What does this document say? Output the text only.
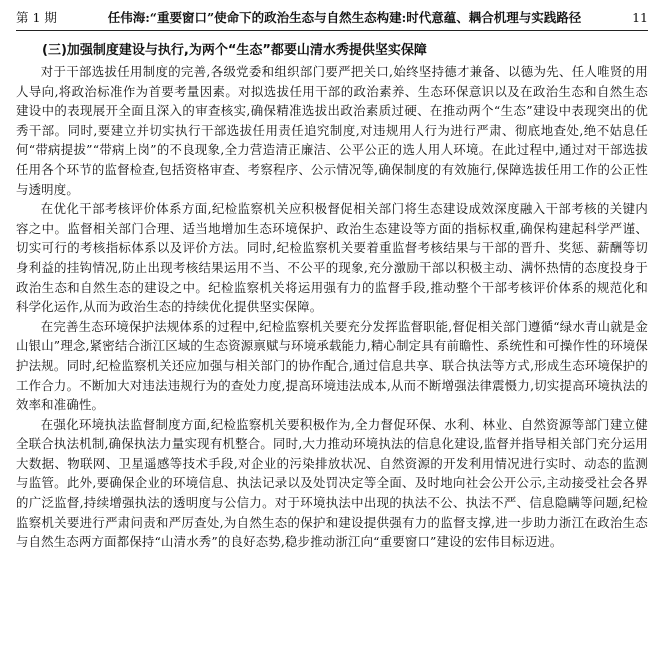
第 1 期	任伟海:“重要窗口”使命下的政治生态与自然生态构建:时代意蕴、耦合机理与实践路径	11

(三)加强制度建设与执行,为两个“生态”都要山清水秀提供坚实保障

对于干部选拔任用制度的完善,各级党委和组织部门要严把关口,始终坚持德才兼备、以德为先、任人唯贤的用人导向,将政治标准作为首要考量因素。对拟选拔任用干部的政治素养、生态环保意识以及在政治生态和自然生态建设中的表现展开全面且深入的审查核实,确保精准选拔出政治素质过硬、在推动两个“生态”建设中表现突出的优秀干部。同时,要建立并切实执行干部选拔任用责任追究制度,对违规用人行为进行严肃、彻底地查处,绝不姑息任何“带病提拔”“带病上岗”的不良现象,全力营造清正廉洁、公平公正的选人用人环境。在此过程中,通过对干部选拔任用各个环节的监督检查,包括资格审查、考察程序、公示情况等,确保制度的有效施行,保障选拔任用工作的公正性与透明度。

在优化干部考核评价体系方面,纪检监察机关应积极督促相关部门将生态建设成效深度融入干部考核的关键内容之中。监督相关部门合理、适当地增加生态环境保护、政治生态建设等方面的指标权重,确保构建起科学严谨、切实可行的考核指标体系以及评价方法。同时,纪检监察机关要着重监督考核结果与干部的晋升、奖惩、薪酬等切身利益的挂钩情况,防止出现考核结果运用不当、不公平的现象,充分激励干部以积极主动、满怀热情的态度投身于政治生态和自然生态的建设之中。纪检监察机关将运用强有力的监督手段,推动整个干部考核评价体系的规范化和科学化运作,从而为政治生态的持续优化提供坚实保障。

在完善生态环境保护法规体系的过程中,纪检监察机关要充分发挥监督职能,督促相关部门遵循“绿水青山就是金山银山”理念,紧密结合浙江区域的生态资源禀赋与环境承载能力,精心制定具有前瞻性、系统性和可操作性的环境保护法规。同时,纪检监察机关还应加强与相关部门的协作配合,通过信息共享、联合执法等方式,形成生态环境保护的工作合力。不断加大对违法违规行为的查处力度,提高环境违法成本,从而不断增强法律震慑力,切实提高环境执法的效率和准确性。

在强化环境执法监督制度方面,纪检监察机关要积极作为,全力督促环保、水利、林业、自然资源等部门建立健全联合执法机制,确保执法力量实现有机整合。同时,大力推动环境执法的信息化建设,监督并指导相关部门充分运用大数据、物联网、卫星遥感等技术手段,对企业的污染排放状况、自然资源的开发利用情况进行实时、动态的监测与监管。此外,要确保企业的环境信息、执法记录以及处罚决定等全面、及时地向社会公开公示,主动接受社会各界的广泛监督,持续增强执法的透明度与公信力。对于环境执法中出现的执法不公、执法不严、信息隐瞒等问题,纪检监察机关要进行严肃问责和严厉查处,为自然生态的保护和建设提供强有力的监督支撑,进一步助力浙江在政治生态与自然生态两方面都保持“山清水秀”的良好态势,稳步推动浙江向“重要窗口”建设的宏伟目标迈进。
